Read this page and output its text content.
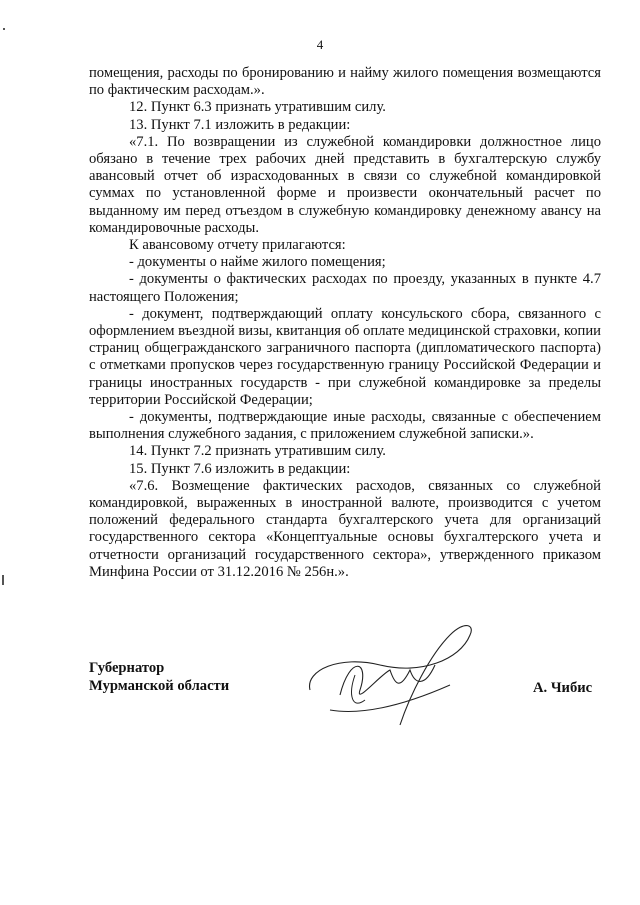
4

помещения, расходы по бронированию и найму жилого помещения возмещаются по фактическим расходам.».

12. Пункт 6.3 признать утратившим силу.

13. Пункт 7.1 изложить в редакции:

«7.1. По возвращении из служебной командировки должностное лицо обязано в течение трех рабочих дней представить в бухгалтерскую службу авансовый отчет об израсходованных в связи со служебной командировкой суммах по установленной форме и произвести окончательный расчет по выданному им перед отъездом в служебную командировку денежному авансу на командировочные расходы.

К авансовому отчету прилагаются:

- документы о найме жилого помещения;

- документы о фактических расходах по проезду, указанных в пункте 4.7 настоящего Положения;

- документ, подтверждающий оплату консульского сбора, связанного с оформлением въездной визы, квитанция об оплате медицинской страховки, копии страниц общегражданского заграничного паспорта (дипломатического паспорта) с отметками пропусков через государственную границу Российской Федерации и границы иностранных государств - при служебной командировке за пределы территории Российской Федерации;

- документы, подтверждающие иные расходы, связанные с обеспечением выполнения служебного задания, с приложением служебной записки.».

14. Пункт 7.2 признать утратившим силу.

15. Пункт 7.6 изложить в редакции:

«7.6. Возмещение фактических расходов, связанных со служебной командировкой, выраженных в иностранной валюте, производится с учетом положений федерального стандарта бухгалтерского учета для организаций государственного сектора «Концептуальные основы бухгалтерского учета и отчетности организаций государственного сектора», утвержденного приказом Минфина России от 31.12.2016 № 256н.».

Губернатор
Мурманской области	А. Чибис
